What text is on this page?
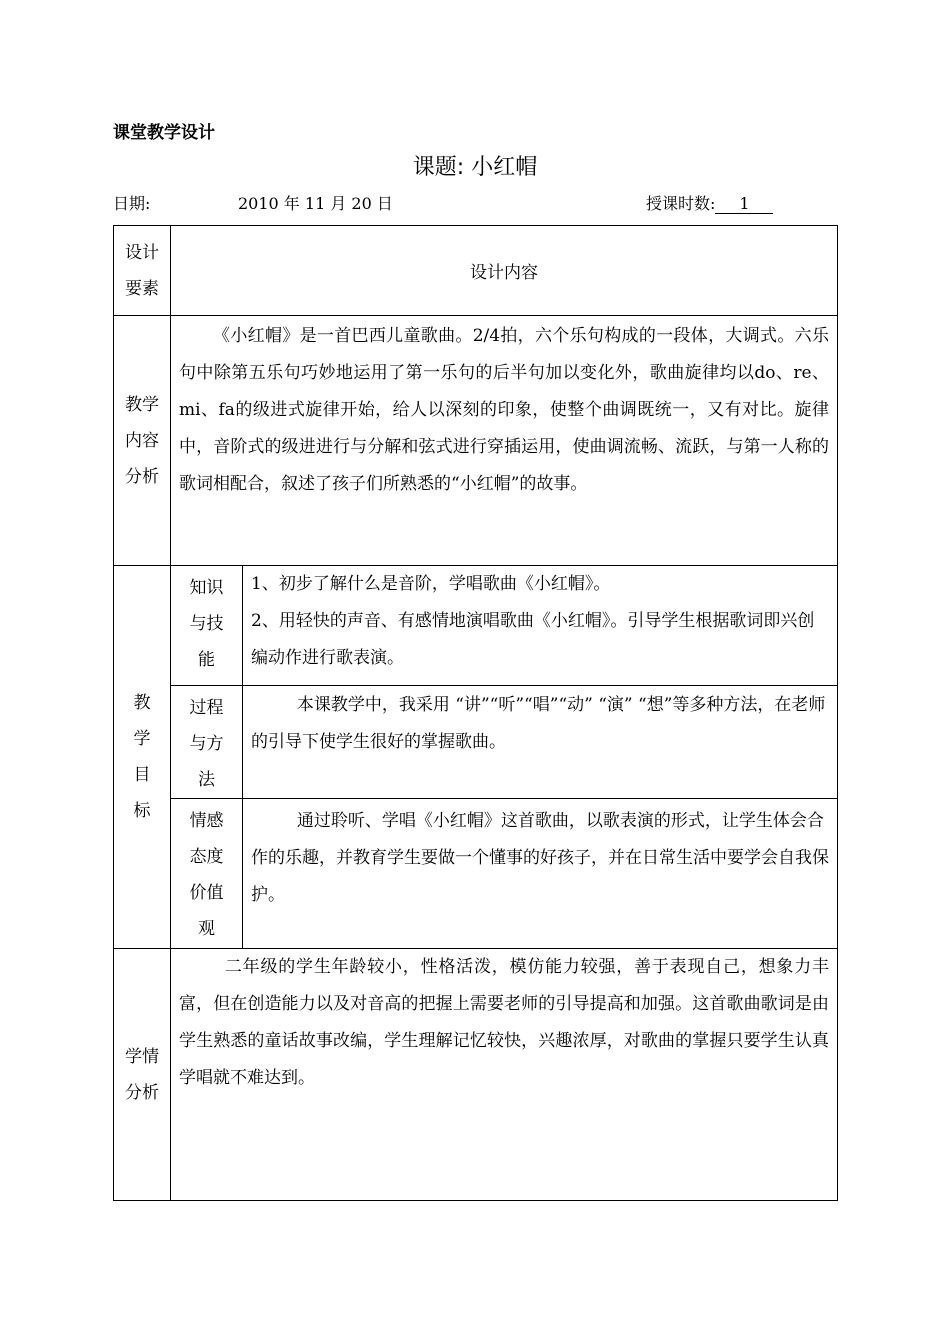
课堂教学设计
课题: 小红帽
日期:	2010 年 11 月 20 日	授课时数: 1
设计要素	设计内容	

教学内容分析	《小红帽》是一首巴西儿童歌曲。2/4拍，六个乐句构成的一段体，大调式。六乐句中除第五乐句巧妙地运用了第一乐句的后半句加以变化外，歌曲旋律均以do、re、mi、fa的级进式旋律开始，给人以深刻的印象，使整个曲调既统一，又有对比。旋律中，音阶式的级进进行与分解和弦式进行穿插运用，使曲调流畅、流跃，与第一人称的歌词相配合，叙述了孩子们所熟悉的“小红帽”的故事。	

教学目标	知识与技能	1、初步了解什么是音阶，学唱歌曲《小红帽》。
2、用轻快的声音、有感情地演唱歌曲《小红帽》。引导学生根据歌词即兴创编动作进行歌表演。

	过程与方法	本课教学中，我采用 “讲”“听”“唱”“动” “演” “想”等多种方法，在老师的引导下使学生很好的掌握歌曲。

	情感态度价值观	通过聆听、学唱《小红帽》这首歌曲，以歌表演的形式，让学生体会合作的乐趣，并教育学生要做一个懂事的好孩子，并在日常生活中要学会自我保护。

学情分析	二年级的学生年龄较小，性格活泼，模仿能力较强，善于表现自己，想象力丰富，但在创造能力以及对音高的把握上需要老师的引导提高和加强。这首歌曲歌词是由学生熟悉的童话故事改编，学生理解记忆较快，兴趣浓厚，对歌曲的掌握只要学生认真学唱就不难达到。	
